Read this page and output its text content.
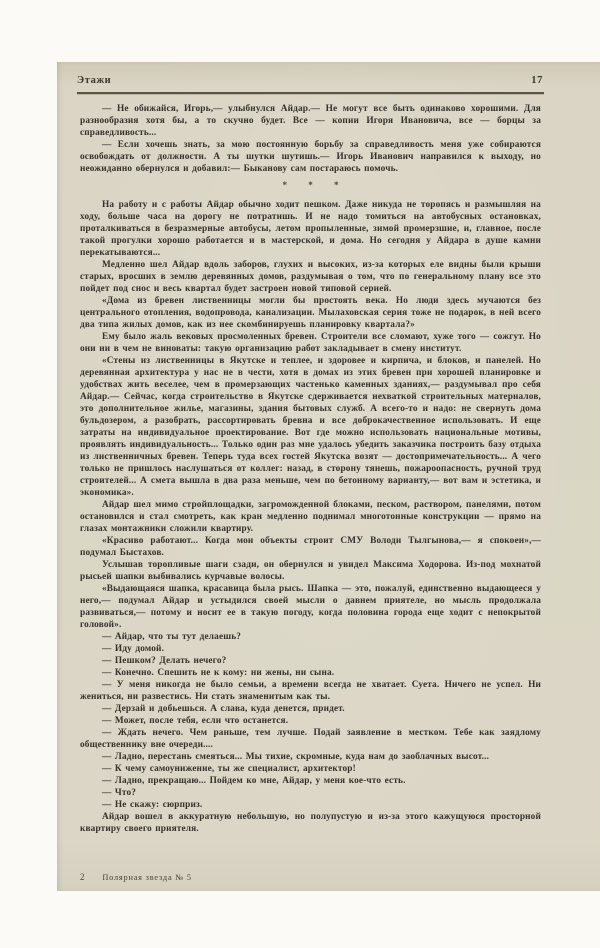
Этажи	17
— Не обижайся, Игорь,— улыбнулся Айдар.— Не могут все быть одинаково хорошими. Для разнообразия хотя бы, а то скучно будет. Все — копии Игоря Ивановича, все — борцы за справедливость...
— Если хочешь знать, за мою постоянную борьбу за справедливость меня уже собираются освобождать от должности. А ты шутки шутишь.— Игорь Иванович направился к выходу, но неожиданно обернулся и добавил:— Быканову сам постараюсь помочь.
* * *
На работу и с работы Айдар обычно ходит пешком. Даже никуда не торопясь и размышляя на ходу, больше часа на дорогу не потратишь. И не надо томиться на автобусных остановках, проталкиваться в безразмерные автобусы, летом пропыленные, зимой промерзшие, и, главное, после такой прогулки хорошо работается и в мастерской, и дома. Но сегодня у Айдара в душе камни перекатываются...
Медленно шел Айдар вдоль заборов, глухих и высоких, из-за которых еле видны были крыши старых, вросших в землю деревянных домов, раздумывая о том, что по генеральному плану все это пойдет под снос и весь квартал будет застроен новой типовой серией.
«Дома из бревен лиственницы могли бы простоять века. Но люди здесь мучаются без центрального отопления, водопровода, канализации. Мылаховская серия тоже не подарок, в ней всего два типа жилых домов, как из нее скомбинируешь планировку квартала?»
Ему было жаль вековых просмоленных бревен. Строители все сломают, хуже того — сожгут. Но они ни в чем не виноваты: такую организацию работ закладывает в смену институт.
«Стены из лиственницы в Якутске и теплее, и здоровее и кирпича, и блоков, и панелей. Но деревянная архитектура у нас не в чести, хотя в домах из этих бревен при хорошей планировке и удобствах жить веселее, чем в промерзающих частенько каменных зданиях,— раздумывал про себя Айдар.— Сейчас, когда строительство в Якутске сдерживается нехваткой строительных материалов, это дополнительное жилье, магазины, здания бытовых служб. А всего-то и надо: не свернуть дома бульдозером, а разобрать, рассортировать бревна и все доброкачественное использовать. И еще затраты на индивидуальное проектирование. Вот где можно использовать национальные мотивы, проявлять индивидуальность... Только один раз мне удалось убедить заказчика построить базу отдыха из лиственничных бревен. Теперь туда всех гостей Якутска возят — достопримечательность... А чего только не пришлось наслушаться от коллег: назад, в сторону тянешь, пожароопасность, ручной труд строителей... А смета вышла в два раза меньше, чем по бетонному варианту,— вот вам и эстетика, и экономика».
Айдар шел мимо стройплощадки, загроможденной блоками, песком, раствором, панелями, потом остановился и стал смотреть, как кран медленно поднимал многотонные конструкции — прямо на глазах монтажники сложили квартиру.
«Красиво работают... Когда мои объекты строит СМУ Володи Тылгынова,— я спокоен»,— подумал Быстахов.
Услышав торопливые шаги сзади, он обернулся и увидел Максима Ходорова. Из-под мохнатой рысьей шапки выбивались курчавые волосы.
«Выдающаяся шапка, красавица была рысь. Шапка — это, пожалуй, единственно выдающееся у него,— подумал Айдар и устыдился своей мысли о давнем приятеле, но мысль продолжала развиваться,— потому и носит ее в такую погоду, когда половина города еще ходит с непокрытой головой».
— Айдар, что ты тут делаешь?
— Иду домой.
— Пешком? Делать нечего?
— Конечно. Спешить не к кому: ни жены, ни сына.
— У меня никогда не было семьи, а времени всегда не хватает. Суета. Ничего не успел. Ни жениться, ни развестись. Ни стать знаменитым как ты.
— Дерзай и добьешься. А слава, куда денется, придет.
— Может, после тебя, если что останется.
— Ждать нечего. Чем раньше, тем лучше. Подай заявление в местком. Тебе как заядлому общественнику вне очереди....
— Ладно, перестань смеяться... Мы тихие, скромные, куда нам до заоблачных высот...
— К чему самоунижение, ты же специалист, архитектор!
— Ладно, прекращаю... Пойдем ко мне, Айдар, у меня кое-что есть.
— Что?
— Не скажу: сюрприз.
Айдар вошел в аккуратную небольшую, но полупустую и из-за этого кажущуюся просторной квартиру своего приятеля.
2 Полярная звезда № 5
